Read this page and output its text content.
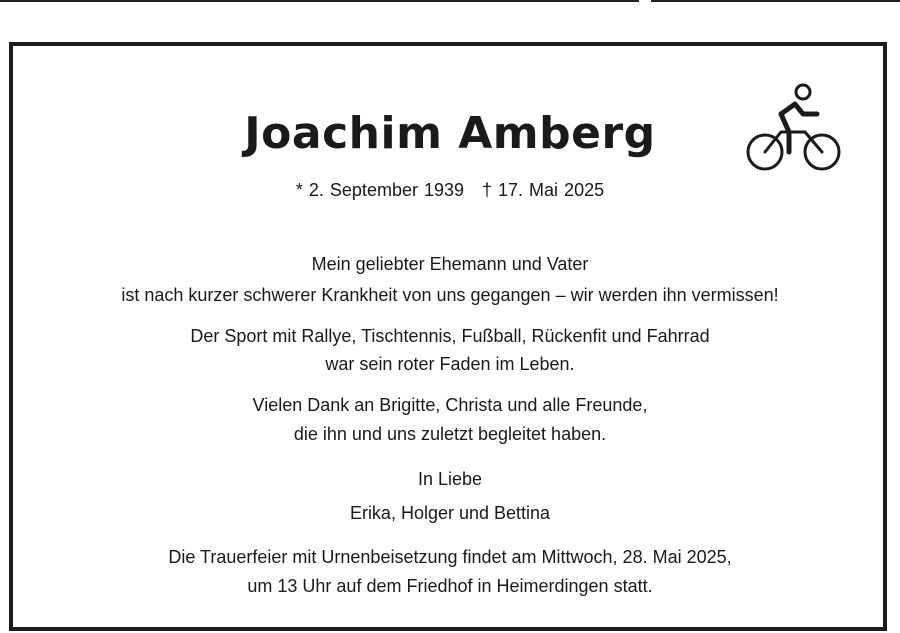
Joachim Amberg
* 2. September 1939 † 17. Mai 2025
Mein geliebter Ehemann und Vater
ist nach kurzer schwerer Krankheit von uns gegangen – wir werden ihn vermissen!
Der Sport mit Rallye, Tischtennis, Fußball, Rückenfit und Fahrrad
war sein roter Faden im Leben.
Vielen Dank an Brigitte, Christa und alle Freunde,
die ihn und uns zuletzt begleitet haben.
In Liebe
Erika, Holger und Bettina
Die Trauerfeier mit Urnenbeisetzung findet am Mittwoch, 28. Mai 2025,
um 13 Uhr auf dem Friedhof in Heimerdingen statt.
